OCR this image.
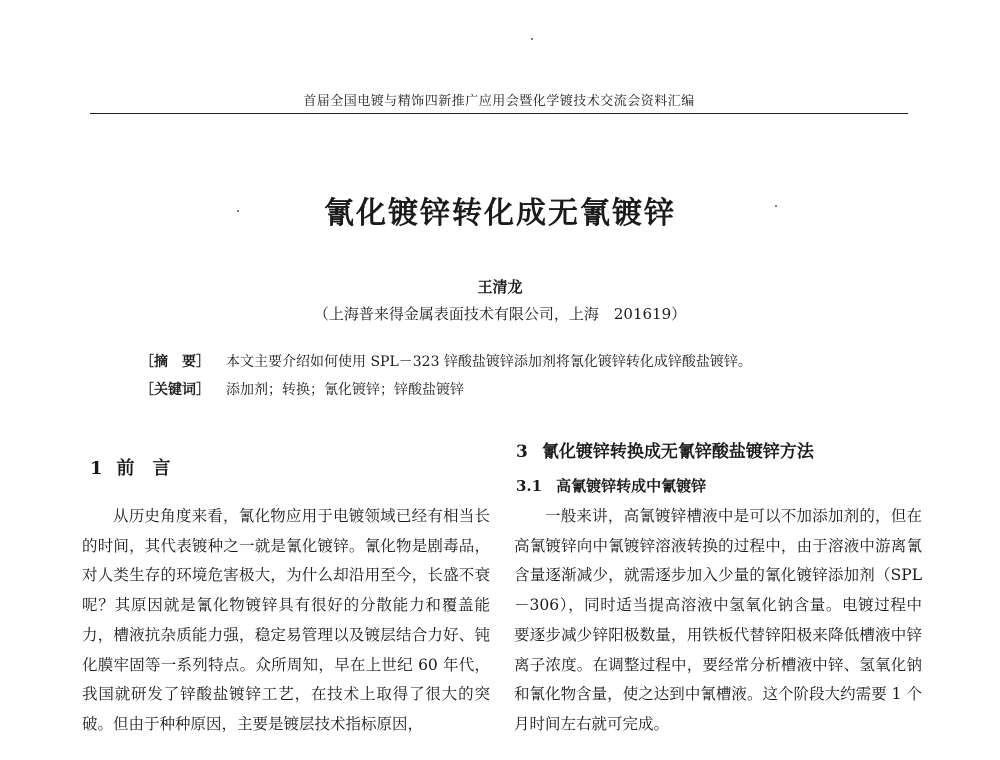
首届全国电镀与精饰四新推广应用会暨化学镀技术交流会资料汇编
氰化镀锌转化成无氰镀锌
王清龙
（上海普来得金属表面技术有限公司，上海　201619）
［摘　要］ 本文主要介绍如何使用 SPL－323 锌酸盐镀锌添加剂将氰化镀锌转化成锌酸盐镀锌。
［关键词］ 添加剂；转换；氰化镀锌；锌酸盐镀锌
1 前　言
从历史角度来看，氰化物应用于电镀领域已经有相当长的时间，其代表镀种之一就是氰化镀锌。氰化物是剧毒品，对人类生存的环境危害极大，为什么却沿用至今，长盛不衰呢？其原因就是氰化物镀锌具有很好的分散能力和覆盖能力，槽液抗杂质能力强，稳定易管理以及镀层结合力好、钝化膜牢固等一系列特点。众所周知，早在上世纪 60 年代，我国就研发了锌酸盐镀锌工艺，在技术上取得了很大的突破。但由于种种原因，主要是镀层技术指标原因，
3 氰化镀锌转换成无氰锌酸盐镀锌方法
3.1 高氰镀锌转成中氰镀锌
一般来讲，高氰镀锌槽液中是可以不加添加剂的，但在高氰镀锌向中氰镀锌溶液转换的过程中，由于溶液中游离氰含量逐渐减少，就需逐步加入少量的氰化镀锌添加剂（SPL－306），同时适当提高溶液中氢氧化钠含量。电镀过程中要逐步减少锌阳极数量，用铁板代替锌阳极来降低槽液中锌离子浓度。在调整过程中，要经常分析槽液中锌、氢氧化钠和氰化物含量，使之达到中氰槽液。这个阶段大约需要 1 个月时间左右就可完成。
